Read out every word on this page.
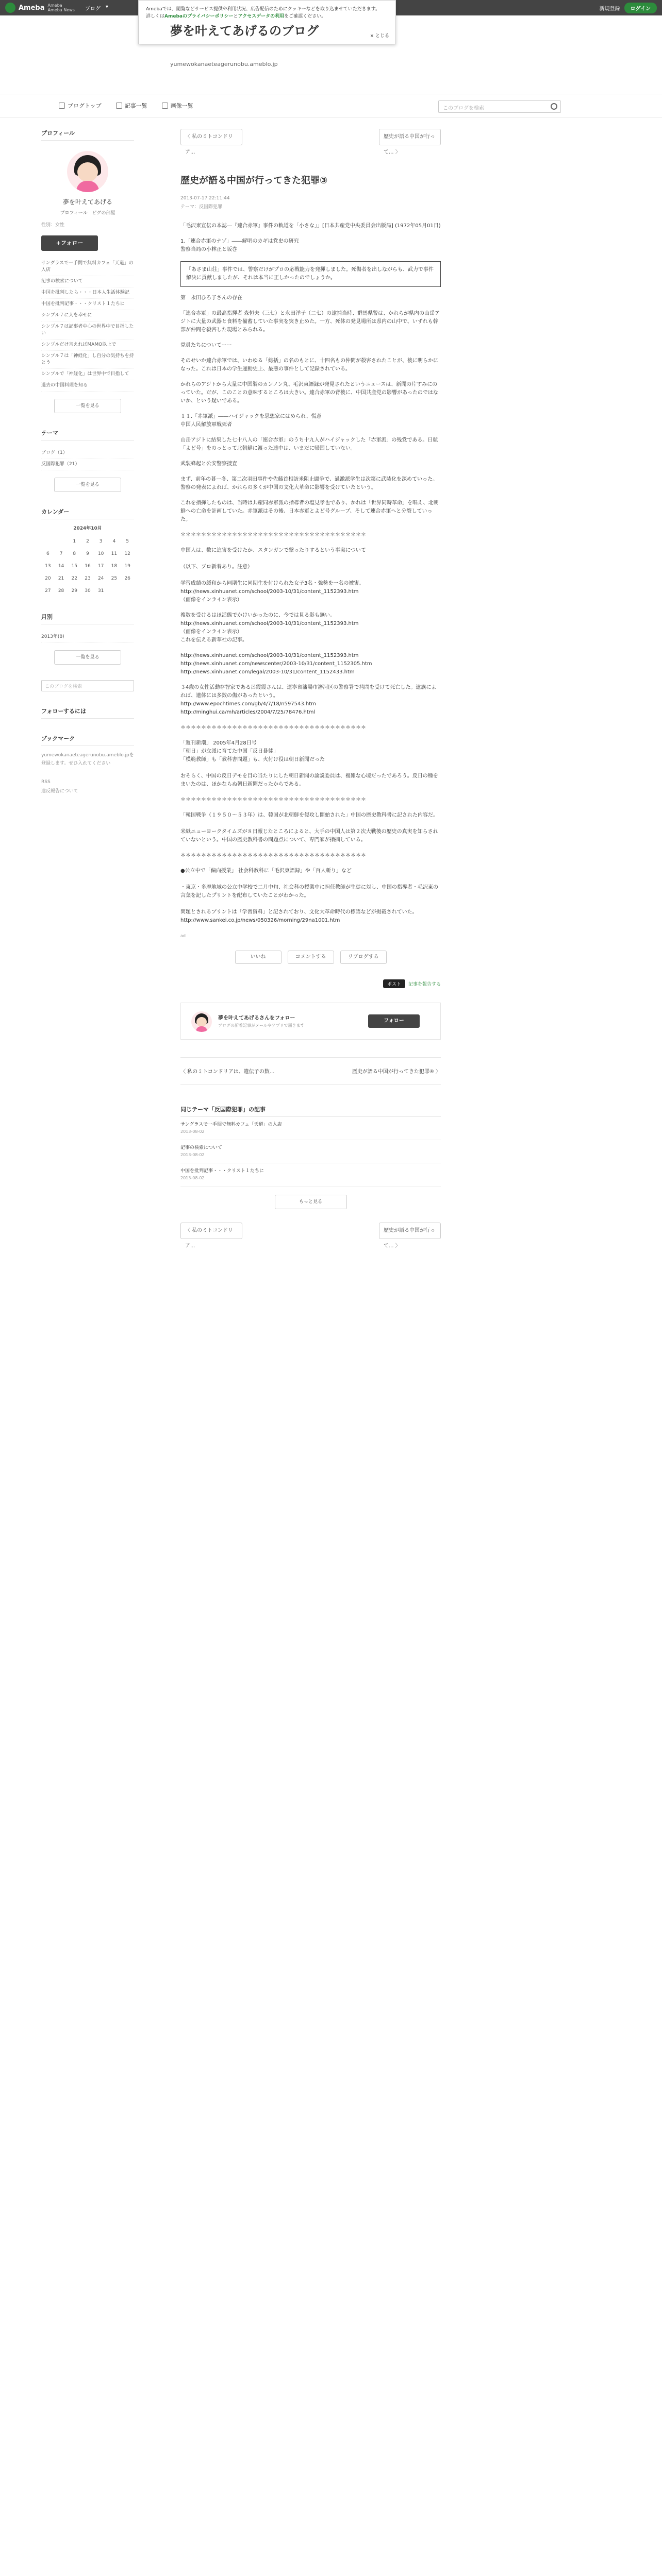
Ameba Ameba
Ameba News ブログ ▾	新規登録	ログイン
Amebaでは、閲覧などサービス提供や利用状況、広告配信のためにクッキーなどを取り込ませていただきます。
詳しくはAmebaのプライバシーポリシーとアクセスデータの利用をご確認ください。
× とじる
夢を叶えてあげるのブログ
yumewokanaeteagerunobu.ameblo.jp
ブログトップ	記事一覧	画像一覧	このブログを検索
プロフィール
夢を叶えてあげる
プロフィール　ピグの部屋
性別：女性
+フォロー
サングラスで一手間で無料カフェ「天道」の入店
記事の検索について
中国を批判したら・・・日本人生活体験記
中国を批判記事・・・クリスト１たちに
シンプル７に人を幸せに
シンプル７は記事者中心の世界中で目指したい
シンプルだけ言えればMAMO以上で
シンプル７は「神経化」し自分の気持ちを持とう
シンプルで「神経化」は世界中で目指して
過去の中国料理を知る
一覧を見る
テーマ
ブログ（1）
反国際犯罪（21）
一覧を見る
カレンダー
2024年10月
		1	2	3	4	5
6	7	8	9	10	11	12
13	14	15	16	17	18	19
20	21	22	23	24	25	26
27	28	29	30	31		
月別
2013年(8)
一覧を見る
このブログを検索
フォローするには
ブックマーク
yumewokanaeteagerunobu.ameblo.jpを登録します。ぜひ入れてください
RSS
違反報告について
〈 私のミトコンドリア...
歴史が語る中国が行って... 〉
歴史が語る中国が行ってきた犯罪③
2013-07-17 22:11:44
テーマ：反国際犯罪

「毛沢東宣伝の本誌―『連合赤軍』事件の軌道を「小さな」」[日本共産党中央委員会出版局] (1972年05月01日)

1.「連合赤軍のナゾ」――解明のカギは党史の研究
警察当局の小林正と坂巻

「あさま山荘」事件では、警察だけがプロの応戦能力を発揮しました。死傷者を出しながらも、武力で事件解決に貢献しましたが、それは本当に正しかったのでしょうか。

第　永田ひろ子さんの存在

「連合赤軍」の最高指揮者 森恒夫（三七）と永田洋子（二七）の逮捕当時、群馬県警は、かれらが県内の山岳アジトに大量の武器と食料を備蓄していた事実を突き止めた。一方、死体の発見場所は県内の山中で、いずれも幹部が仲間を殺害した現場とみられる。

党員たちについてーー

そのせいか連合赤軍では、いわゆる「総括」の名のもとに、十四名もの仲間が殺害されたことが、後に明らかになった。これは日本の学生運動史上、最悪の事件として記録されている。

かれらのアジトから大量に中国製のカンノン丸、毛沢東語録が発見されたというニュースは、新聞の片すみにのっていた。だが、このことの意味するところは大きい。連合赤軍の背後に、中国共産党の影響があったのではないか、という疑いである。

１１.「赤軍派」――ハイジャックを思想家にはめられ、慌意
中国人民解放軍戦死者

山岳アジトに結集した七十八人の「連合赤軍」のうち十九人がハイジャックした「赤軍派」の残党である。日航「よど号」をのっとって北朝鮮に渡った連中は、いまだに帰国していない。

武装蜂起と公安警察捜査

まず、前年の暮ー冬、第二次羽田事件や佐藤首相訪米阻止闘争で、過激派学生は次第に武装化を深めていった。警察の発表によれば、かれらの多くが中国の文化大革命に影響を受けていたという。

これを指揮したものは、当時は共産同赤軍派の指導者の塩見孝也であり、かれは「世界同時革命」を唱え、北朝鮮への亡命を計画していた。赤軍派はその後、日本赤軍とよど号グループ、そして連合赤軍へと分裂していった。

＊＊＊＊＊＊＊＊＊＊＊＊＊＊＊＊＊＊＊＊＊＊＊＊＊＊＊＊＊＊＊＊＊＊＊＊

中国人は、数に迫害を受けたか、スタンガンで撃ったりするという事実について

（以下、ブロ新着あり。注意）

学習成績の緩和から同期生に同期生を付けられた女子3名・強勢を一名の被害。
http://news.xinhuanet.com/school/2003-10/31/content_1152393.htm
（画像をインライン表示）

複数を受けるはほ活態でかけいかったのに、今では見る影も無い。
http://news.xinhuanet.com/school/2003-10/31/content_1152393.htm
（画像をインライン表示）
これを伝える新華社の記事。

http://news.xinhuanet.com/school/2003-10/31/content_1152393.htm
http://news.xinhuanet.com/newscenter/2003-10/31/content_1152305.htm
http://news.xinhuanet.com/legal/2003-10/31/content_1152433.htm

３4歳の女性活動存智家である呂霞霞さんは、遼寧省瀋陽市瀋河区の警察署で拷問を受けて死亡した。遺族によれば、遺体には多数の傷があったという。
http://www.epochtimes.com/gb/4/7/18/n597543.htm
http://minghui.ca/mh/articles/2004/7/25/78476.html

＊＊＊＊＊＊＊＊＊＊＊＊＊＊＊＊＊＊＊＊＊＊＊＊＊＊＊＊＊＊＊＊＊＊＊＊

「週刊新潮」 2005年4月28日号
「朝日」が立派に育てた中国「反日暴徒」
「模範教師」も「教科書問題」も、火付け役は朝日新聞だった

おそらく、中国の反日デモを目の当たりにした朝日新聞の論説委員は、複雑な心境だったであろう。反日の種をまいたのは、ほかならぬ朝日新聞だったからである。

＊＊＊＊＊＊＊＊＊＊＊＊＊＊＊＊＊＊＊＊＊＊＊＊＊＊＊＊＊＊＊＊＊＊＊＊

「韓国戦争（１９５０〜５３年）は、韓国が北朝鮮を侵攻し開始された」中国の歴史教科書に記された内容だ。

米紙ニューヨークタイムズが８日報じたところによると、大手の中国人は第２次大戦後の歴史の真実を知らされていないという。中国の歴史教科書の問題点について、専門家が指摘している。

＊＊＊＊＊＊＊＊＊＊＊＊＊＊＊＊＊＊＊＊＊＊＊＊＊＊＊＊＊＊＊＊＊＊＊＊

●公立中で「偏向授業」 社会科教科に「毛沢東語録」や「百人斬り」など

・東京・多摩地域の公立中学校で二月中旬、社会科の授業中に担任教師が生徒に対し、中国の指導者・毛沢東の言葉を記したプリントを配布していたことがわかった。

問題とされるプリントは「学習資料」と記されており、文化大革命時代の標語などが掲載されていた。
http://www.sankei.co.jp/news/050326/morning/29na1001.htm

ad

いいね	コメントする	リブログする
ポスト	記事を報告する
夢を叶えてあげるさんをフォロー
ブログの新着記事がメールやアプリで届きます
フォロー
〈 私のミトコンドリアは、遺伝子の数...	歴史が語る中国が行ってきた犯罪④ 〉
同じテーマ「反国際犯罪」の記事
サングラスで一手間で無料カフェ「天道」の入店
2013-08-02
記事の検索について
2013-08-02
中国を批判記事・・・クリスト１たちに
2013-08-02
もっと見る
〈 私のミトコンドリア...
歴史が語る中国が行って... 〉
